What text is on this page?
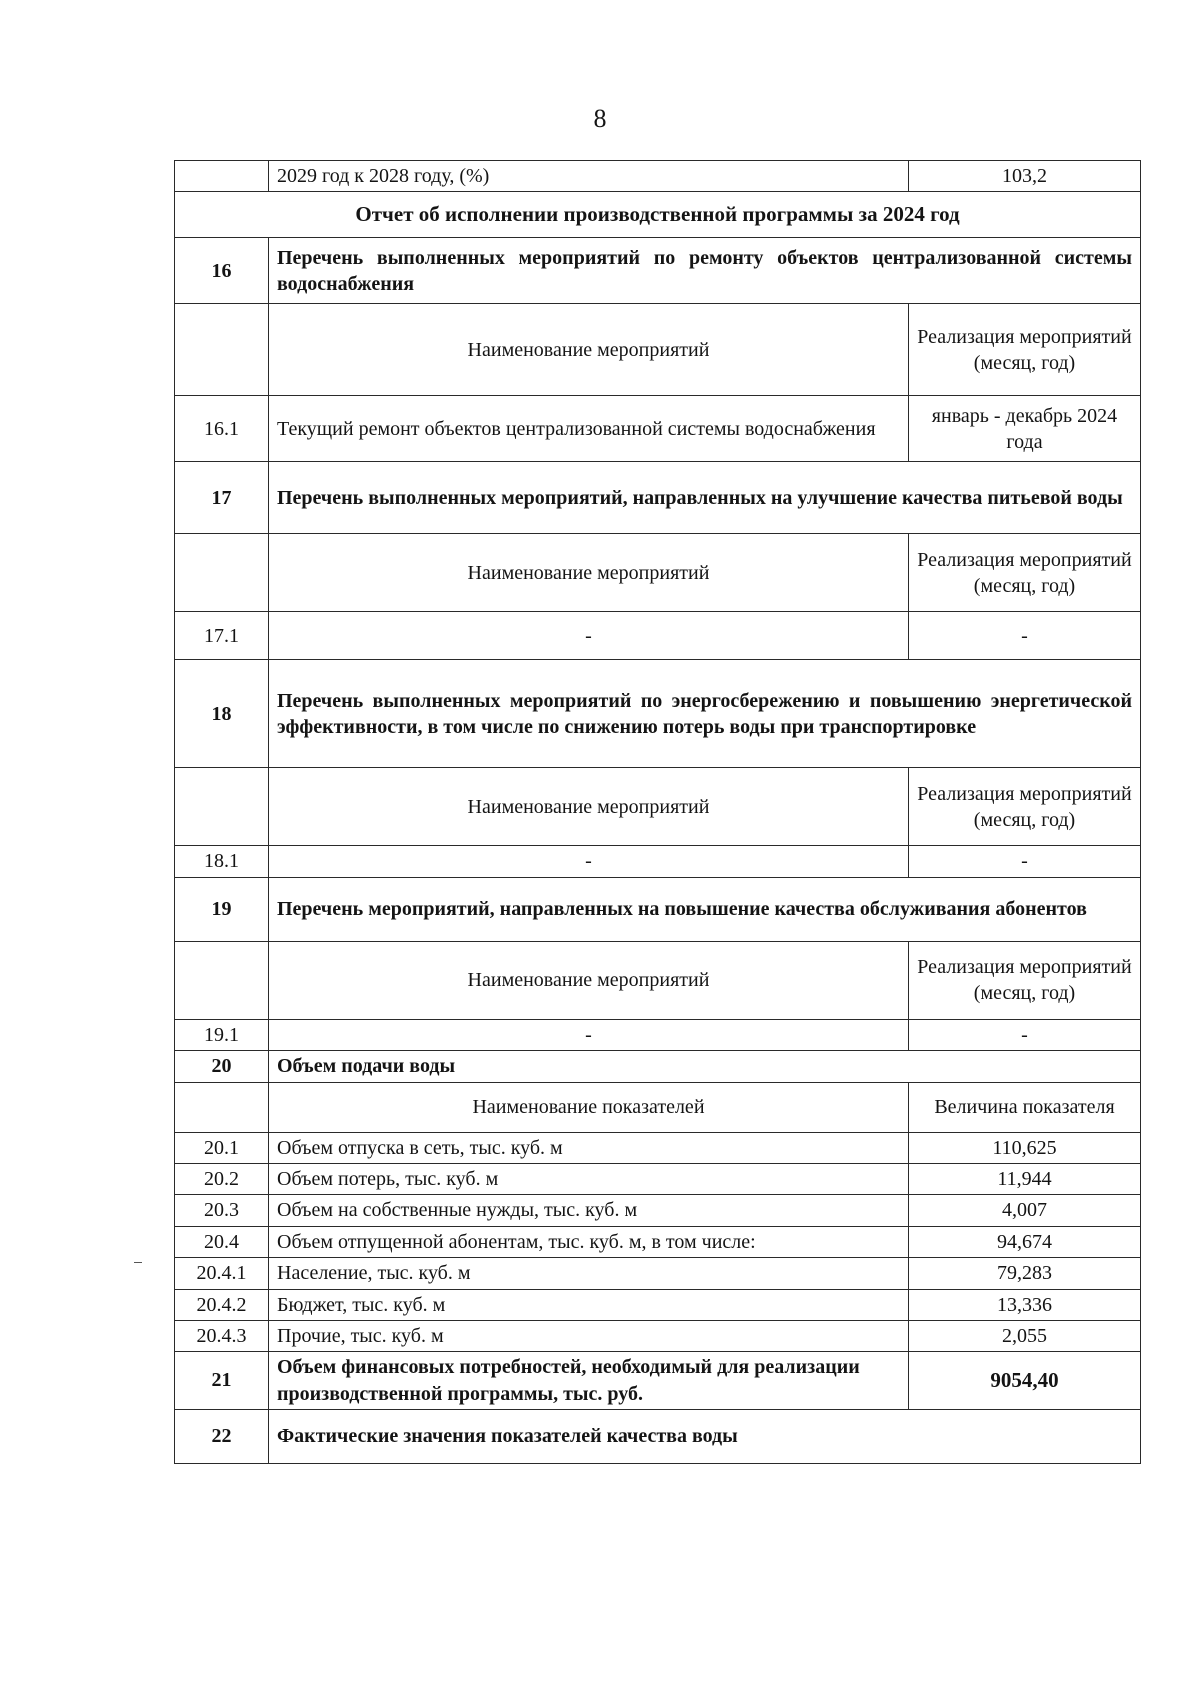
8
	2029 год к 2028 году, (%)	103,2
Отчет об исполнении производственной программы за 2024 год		
16	Перечень выполненных мероприятий по ремонту объектов централизованной системы водоснабжения	
	Наименование мероприятий	Реализация мероприятий (месяц, год)
16.1	Текущий ремонт объектов централизованной системы водоснабжения	январь - декабрь 2024 года
17	Перечень выполненных мероприятий, направленных на улучшение качества питьевой воды	
	Наименование мероприятий	Реализация мероприятий (месяц, год)
17.1	-	-
18	Перечень выполненных мероприятий по энергосбережению и повышению энергетической эффективности, в том числе по снижению потерь воды при транспортировке	
	Наименование мероприятий	Реализация мероприятий (месяц, год)
18.1	-	-
19	Перечень мероприятий, направленных на повышение качества обслуживания абонентов	
	Наименование мероприятий	Реализация мероприятий (месяц, год)
19.1	-	-
20	Объем подачи воды	
	Наименование показателей	Величина показателя
20.1	Объем отпуска в сеть, тыс. куб. м	110,625
20.2	Объем потерь, тыс. куб. м	11,944
20.3	Объем на собственные нужды, тыс. куб. м	4,007
20.4	Объем отпущенной абонентам, тыс. куб. м, в том числе:	94,674
20.4.1	Население, тыс. куб. м	79,283
20.4.2	Бюджет, тыс. куб. м	13,336
20.4.3	Прочие, тыс. куб. м	2,055
21	Объем финансовых потребностей, необходимый для реализации производственной программы, тыс. руб.	9054,40
22	Фактические значения показателей качества воды	
